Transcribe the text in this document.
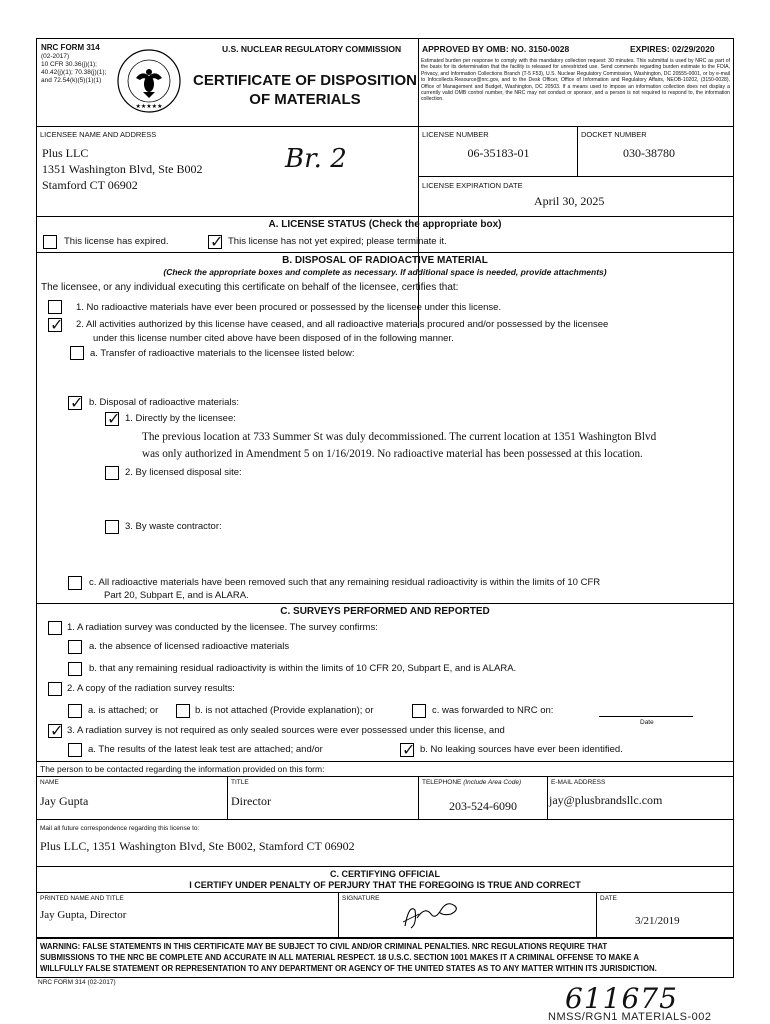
NRC FORM 314
(02-2017)
10 CFR 30.36(j)(1);
40.42(j)(1); 70.38(j)(1);
and 72.54(k)(5)(1)(1)
★★★★★
U.S. NUCLEAR REGULATORY COMMISSION
CERTIFICATE OF DISPOSITION
OF MATERIALS
APPROVED BY OMB: NO. 3150-0028	EXPIRES: 02/29/2020
Estimated burden per response to comply with this mandatory collection request: 30 minutes. This submittal is used by NRC as part of the basis for its determination that the facility is released for unrestricted use. Send comments regarding burden estimate to the FOIA, Privacy, and Information Collections Branch (T-5 F53), U.S. Nuclear Regulatory Commission, Washington, DC 20555-0001, or by e-mail to Infocollects.Resource@nrc.gov, and to the Desk Officer, Office of Information and Regulatory Affairs, NEOB-10202, (3150-0028), Office of Management and Budget, Washington, DC 20503. If a means used to impose an information collection does not display a currently valid OMB control number, the NRC may not conduct or sponsor, and a person is not required to respond to, the information collection.
LICENSEE NAME AND ADDRESS
Plus LLC
1351 Washington Blvd, Ste B002
Stamford CT 06902
Br. 2
LICENSE NUMBER
06-35183-01
DOCKET NUMBER
030-38780
LICENSE EXPIRATION DATE
April 30, 2025
A. LICENSE STATUS (Check the appropriate box)
This license has expired. ✓	This license has not yet expired; please terminate it.
B. DISPOSAL OF RADIOACTIVE MATERIAL
(Check the appropriate boxes and complete as necessary. If additional space is needed, provide attachments)
The licensee, or any individual executing this certificate on behalf of the licensee, certifies that:
1. No radioactive materials have ever been procured or possessed by the licensee under this license.
✓
2. All activities authorized by this license have ceased, and all radioactive materials procured and/or possessed by the licensee
under this license number cited above have been disposed of in the following manner.
a. Transfer of radioactive materials to the licensee listed below:
✓
b. Disposal of radioactive materials:
✓
1. Directly by the licensee:
The previous location at 733 Summer St was duly decommissioned. The current location at 1351 Washington Blvd
was only authorized in Amendment 5 on 1/16/2019. No radioactive material has been possessed at this location.
2. By licensed disposal site:
3. By waste contractor:
c. All radioactive materials have been removed such that any remaining residual radioactivity is within the limits of 10 CFR
Part 20, Subpart E, and is ALARA.
C. SURVEYS PERFORMED AND REPORTED
1. A radiation survey was conducted by the licensee. The survey confirms:
a. the absence of licensed radioactive materials
b. that any remaining residual radioactivity is within the limits of 10 CFR 20, Subpart E, and is ALARA.
2. A copy of the radiation survey results:
a. is attached; or	b. is not attached (Provide explanation); or	c. was forwarded to NRC on:
Date
✓
3. A radiation survey is not required as only sealed sources were ever possessed under this license, and
a. The results of the latest leak test are attached; and/or ✓	b. No leaking sources have ever been identified.
The person to be contacted regarding the information provided on this form:
NAME
Jay Gupta
TITLE
Director
TELEPHONE (Include Area Code)
203-524-6090
E-MAIL ADDRESS
jay@plusbrandsllc.com
Mail all future correspondence regarding this license to:
Plus LLC, 1351 Washington Blvd, Ste B002, Stamford CT 06902
C. CERTIFYING OFFICIAL
I CERTIFY UNDER PENALTY OF PERJURY THAT THE FOREGOING IS TRUE AND CORRECT
PRINTED NAME AND TITLE
Jay Gupta, Director
SIGNATURE	DATE
3/21/2019
WARNING: FALSE STATEMENTS IN THIS CERTIFICATE MAY BE SUBJECT TO CIVIL AND/OR CRIMINAL PENALTIES. NRC REGULATIONS REQUIRE THAT
SUBMISSIONS TO THE NRC BE COMPLETE AND ACCURATE IN ALL MATERIAL RESPECT. 18 U.S.C. SECTION 1001 MAKES IT A CRIMINAL OFFENSE TO MAKE A
WILLFULLY FALSE STATEMENT OR REPRESENTATION TO ANY DEPARTMENT OR AGENCY OF THE UNITED STATES AS TO ANY MATTER WITHIN ITS JURISDICTION.
NRC FORM 314 (02-2017)	611675
NMSS/RGN1 MATERIALS-002
